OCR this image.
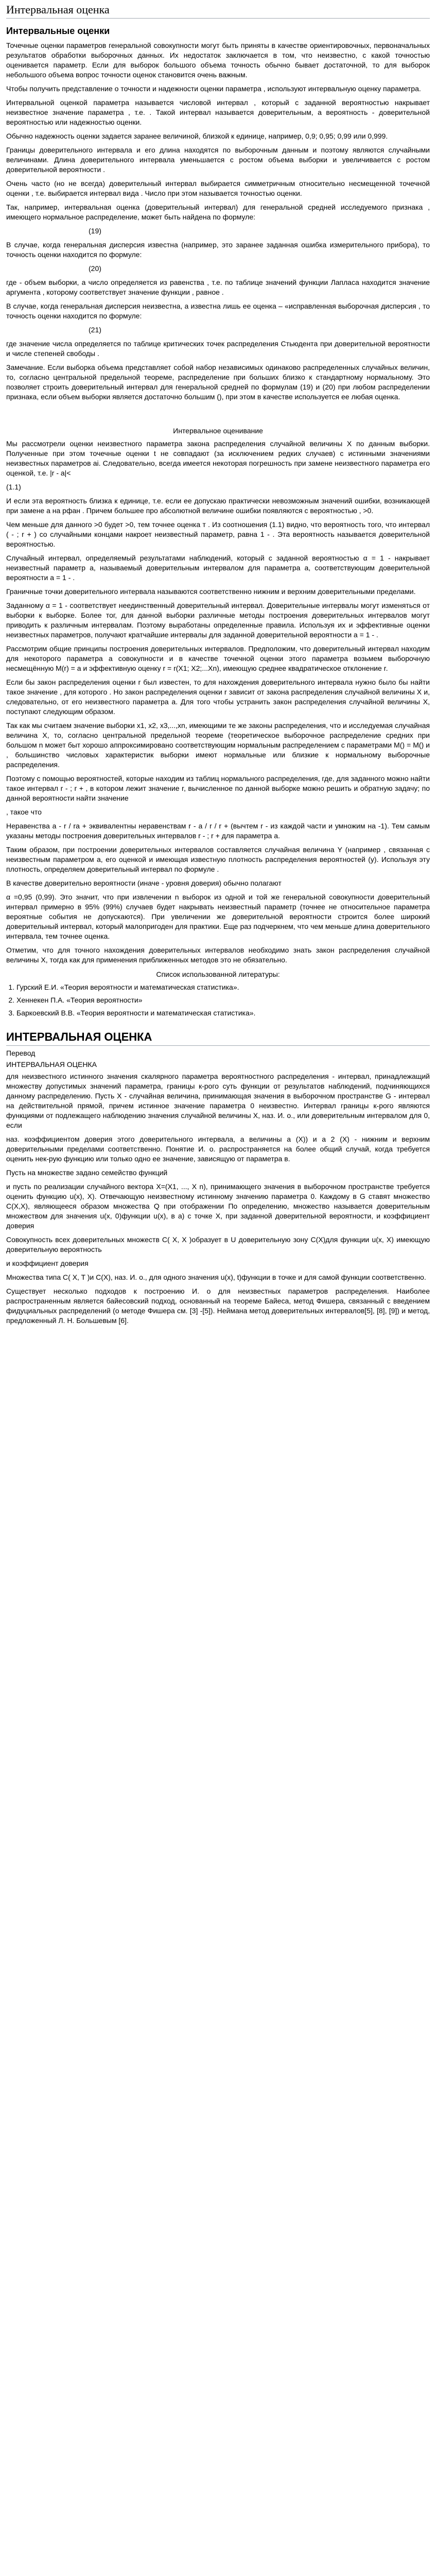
Интервальная оценка
Интервальные оценки

Точечные оценки параметров генеральной совокупности могут быть приняты в качестве ориентировочных, первоначальных результатов обработки выборочных данных. Их недостаток заключается в том, что неизвестно, с какой точностью оценивается параметр. Если для выборок большого объема точность обычно бывает достаточной, то для выборок небольшого объема вопрос точности оценок становится очень важным.

Чтобы получить представление о точности и надежности оценки параметра , используют интервальную оценку параметра.

Интервальной оценкой параметра называется числовой интервал , который с заданной вероятностью накрывает неизвестное значение параметра , т.е. . Такой интервал называется доверительным, а вероятность - доверительной вероятностью или надежностью оценки.

Обычно надежность оценки задается заранее величиной, близкой к единице, например, 0,9; 0,95; 0,99 или 0,999.

Границы доверительного интервала и его длина находятся по выборочным данным и поэтому являются случайными величинами. Длина доверительного интервала уменьшается с ростом объема выборки и увеличивается с ростом доверительной вероятности .

Очень часто (но не всегда) доверительный интервал выбирается симметричным относительно несмещенной точечной оценки , т.е. выбирается интервал вида . Число при этом называется точностью оценки.

Так, например, интервальная оценка (доверительный интервал) для генеральной средней исследуемого признака , имеющего нормальное распределение, может быть найдена по формуле:

(19)

В случае, когда генеральная дисперсия известна (например, это заранее заданная ошибка измерительного прибора), то точность оценки находится по формуле:

(20)

где - объем выборки, а число определяется из равенства , т.е. по таблице значений функции Лапласа находится значение аргумента , которому соответствует значение функции , равное .

В случае, когда генеральная дисперсия неизвестна, а известна лишь ее оценка – «исправленная выборочная дисперсия , то точность оценки находится по формуле:

(21)

где значение числа определяется по таблице критических точек распределения Стьюдента при доверительной вероятности и числе степеней свободы .

Замечание. Если выборка объема представляет собой набор независимых одинаково распределенных случайных величин, то, согласно центральной предельной теореме, распределение при больших близко к стандартному нормальному. Это позволяет строить доверительный интервал для генеральной средней по формулам (19) и (20) при любом распределении признака, если объем выборки является достаточно большим (), при этом в качестве используется ее любая оценка.

Интервальное оценивание

Мы рассмотрели оценки неизвестного параметра закона распределения случайной величины X по данным выборки. Полученные при этом точечные оценки t не совпадают (за исключением редких случаев) с истинными значениями неизвестных параметров ai. Следовательно, всегда имеется некоторая погрешность при замене неизвестного параметра его оценкой, т.е. |r - a|<

(1.1)

И если эта вероятность близка к единице, т.е. если ее допускаю практически невозможным значений ошибки, возникающей при замене a на рфан . Причем большее про абсолютной величине ошибки появляются с вероятностью , >0.

Чем меньше для данного >0 будет >0, тем точнее оценка т . Из соотношения (1.1) видно, что вероятность того, что интервал ( - ; r + ) со случайными концами накроет неизвестный параметр, равна 1 - . Эта вероятность называется доверительной вероятностью.

Случайный интервал, определяемый результатами наблюдений, который с заданной вероятностью α = 1 - накрывает неизвестный параметр a, называемый доверительным интервалом для параметра a, соответствующим доверительной вероятности a = 1 - .

Граничные точки доверительного интервала называются соответственно нижним и верхним доверительными пределами.

Заданному α = 1 - соответствует неединственный доверительный интервал. Доверительные интервалы могут изменяться от выборки к выборке. Более тог, для данной выборки различные методы построения доверительных интервалов могут приводить к различным интервалам. Поэтому выработаны определенные правила. Используя их и эффективные оценки неизвестных параметров, получают кратчайшие интервалы для заданной доверительной вероятности a = 1 - .

Рассмотрим общие принципы построения доверительных интервалов. Предположим, что доверительный интервал находим для некоторого параметра a совокупности и в качестве точечной оценки этого параметра возьмем выборочную несмещённую M(r) = a и эффективную оценку r = r(X1; X2;...Xn), имеющую среднее квадратическое отклонение r.

Если бы закон распределения оценки r был известен, то для нахождения доверительного интервала нужно было бы найти такое значение , для которого . Но закон распределения оценки r зависит от закона распределения случайной величины X и, следовательно, от его неизвестного параметра a. Для того чтобы устранить закон распределения случайной величины X, поступают следующим образом.

Так как мы считаем значение выборки x1, x2, x3,...,xn, имеющими те же законы распределения, что и исследуемая случайная величина X, то, согласно центральной предельной теореме (теоретическое выборочное распределение средних при большом n может быт хорошо аппроксимировано соответствующим нормальным распределением с параметрами M() = M() и , большинство числовых характеристик выборки имеют нормальные или близкие к нормальному выборочные распределения.

Поэтому с помощью вероятностей, которые находим из таблиц нормального распределения, где, для заданного можно найти такое интервал r - ; r + , в котором лежит значение r, вычисленное по данной выборке можно решить и обратную задачу; по данной вероятности найти значение

, такое что

Неравенства a - r / ra + эквивалентны неравенствам r - a / r / r + (вычтем r - из каждой части и умножим на -1). Тем самым указаны методы построения доверительных интервалов r - ; r + для параметра a.

Таким образом, при построении доверительных интервалов составляется случайная величина Y (например , связанная с неизвестным параметром a, его оценкой и имеющая известную плотность распределения вероятностей (y). Используя эту плотность, определяем доверительный интервал по формуле .

В качестве доверительно вероятности (иначе - уровня доверия) обычно полагают

α =0,95 (0,99). Это значит, что при извлечении n выборок из одной и той же генеральной совокупности доверительный интервал примерно в 95% (99%) случаев будет накрывать неизвестный параметр (точнее не относительное параметра вероятные события не допускаются). При увеличении же доверительной вероятности строится более широкий доверительный интервал, который малопригоден для практики. Еще раз подчеркнем, что чем меньше длина доверительного интервала, тем точнее оценка.

Отметим, что для точного нахождения доверительных интервалов необходимо знать закон распределения случайной величины X, тогда как для применения приближенных методов это не обязательно.

Список использованной литературы:
1. Гурский Е.И. «Теория вероятности и математическая статистика».
2. Хеннекен П.А. «Теория вероятности»
3. Баркоевский В.В. «Теория вероятности и математическая статистика».
ИНТЕРВАЛЬНАЯ ОЦЕНКА
Перевод
ИНТЕРВАЛЬНАЯ ОЦЕНКА

для неизвестного истинного значения скалярного параметра вероятностного распределения - интервал, принадлежащий множеству допустимых значений параметра, границы к-рого суть функции от результатов наблюдений, подчиняющихся данному распределению. Пусть X - случайная величина, принимающая значения в выборочном пространстве G - интервал на действительной прямой, причем истинное значение параметра 0 неизвестно. Интервал границы к-рого являются функциями от подлежащего наблюдению значения случайной величины X, наз. И. о., или доверительным интервалом для 0, если

наз. коэффициентом доверия этого доверительного интервала, а величины а (X)) и a 2 (X) - нижним и верхним доверительными пределами соответственно. Понятие И. о. распространяется на более общий случай, когда требуется оценить нек-рую функцию или только одно ее значение, зависящую от параметра в.

Пусть на множестве задано семейство функций

и пусть по реализации случайного вектора X=(X1, ..., X n), принимающего значения в выборочном пространстве требуется оценить функцию u(x), X). Отвечающую неизвестному истинному значению параметра 0. Каждому в G ставят множество C(X,X), являющееся образом множества Q при отображении По определению, множество называется доверительным множеством для значения u(x, 0)функции u(x), в а) с точке X, при заданной доверительной вероятности, и коэффициент доверия

Совокупность всех доверительных множеств C( X, X )образует в U доверительную зону C(X)для функции u(x, X) имеющую доверительную вероятность

и коэффициент доверия

Множества типа C( X, T )и C(X), наз. И. о., для одного значения u(x), t)функции в точке и для самой функции соответственно.

Существует несколько подходов к построению И. о для неизвестных параметров распределения. Наиболее распространенным является байесовский подход, основанный на теореме Байеса, метод Фишера, связанный с введением фидуциальных распределений (о методе Фишера см. [3] -[5]). Нейманa метод доверительных интервалов[5], [8], [9]) и метод, предложенный Л. Н. Большевым [6].
